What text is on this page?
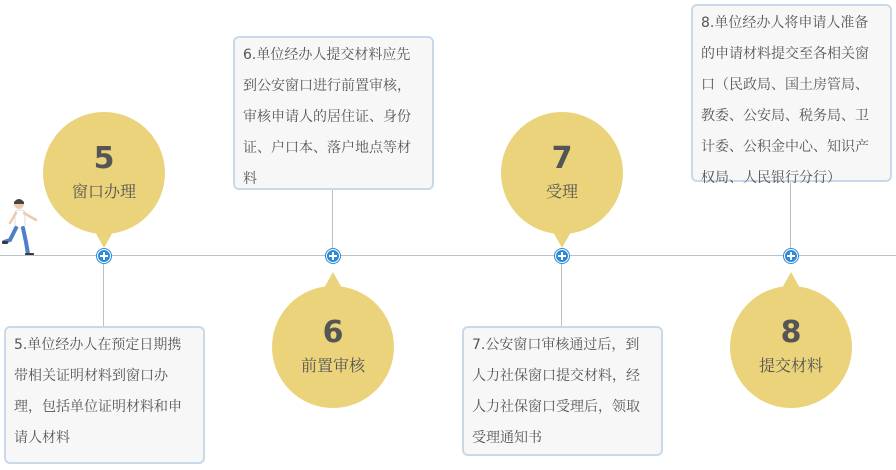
5
窗口办理
6
前置审核
7
受理
8
提交材料
5.单位经办人在预定日期携带相关证明材料到窗口办理，包括单位证明材料和申请人材料
6.单位经办人提交材料应先到公安窗口进行前置审核，审核申请人的居住证、身份证、户口本、落户地点等材料
7.公安窗口审核通过后，到人力社保窗口提交材料，经人力社保窗口受理后，领取受理通知书
8.单位经办人将申请人准备的申请材料提交至各相关窗口（民政局、国土房管局、教委、公安局、税务局、卫计委、公积金中心、知识产权局、人民银行分行）
